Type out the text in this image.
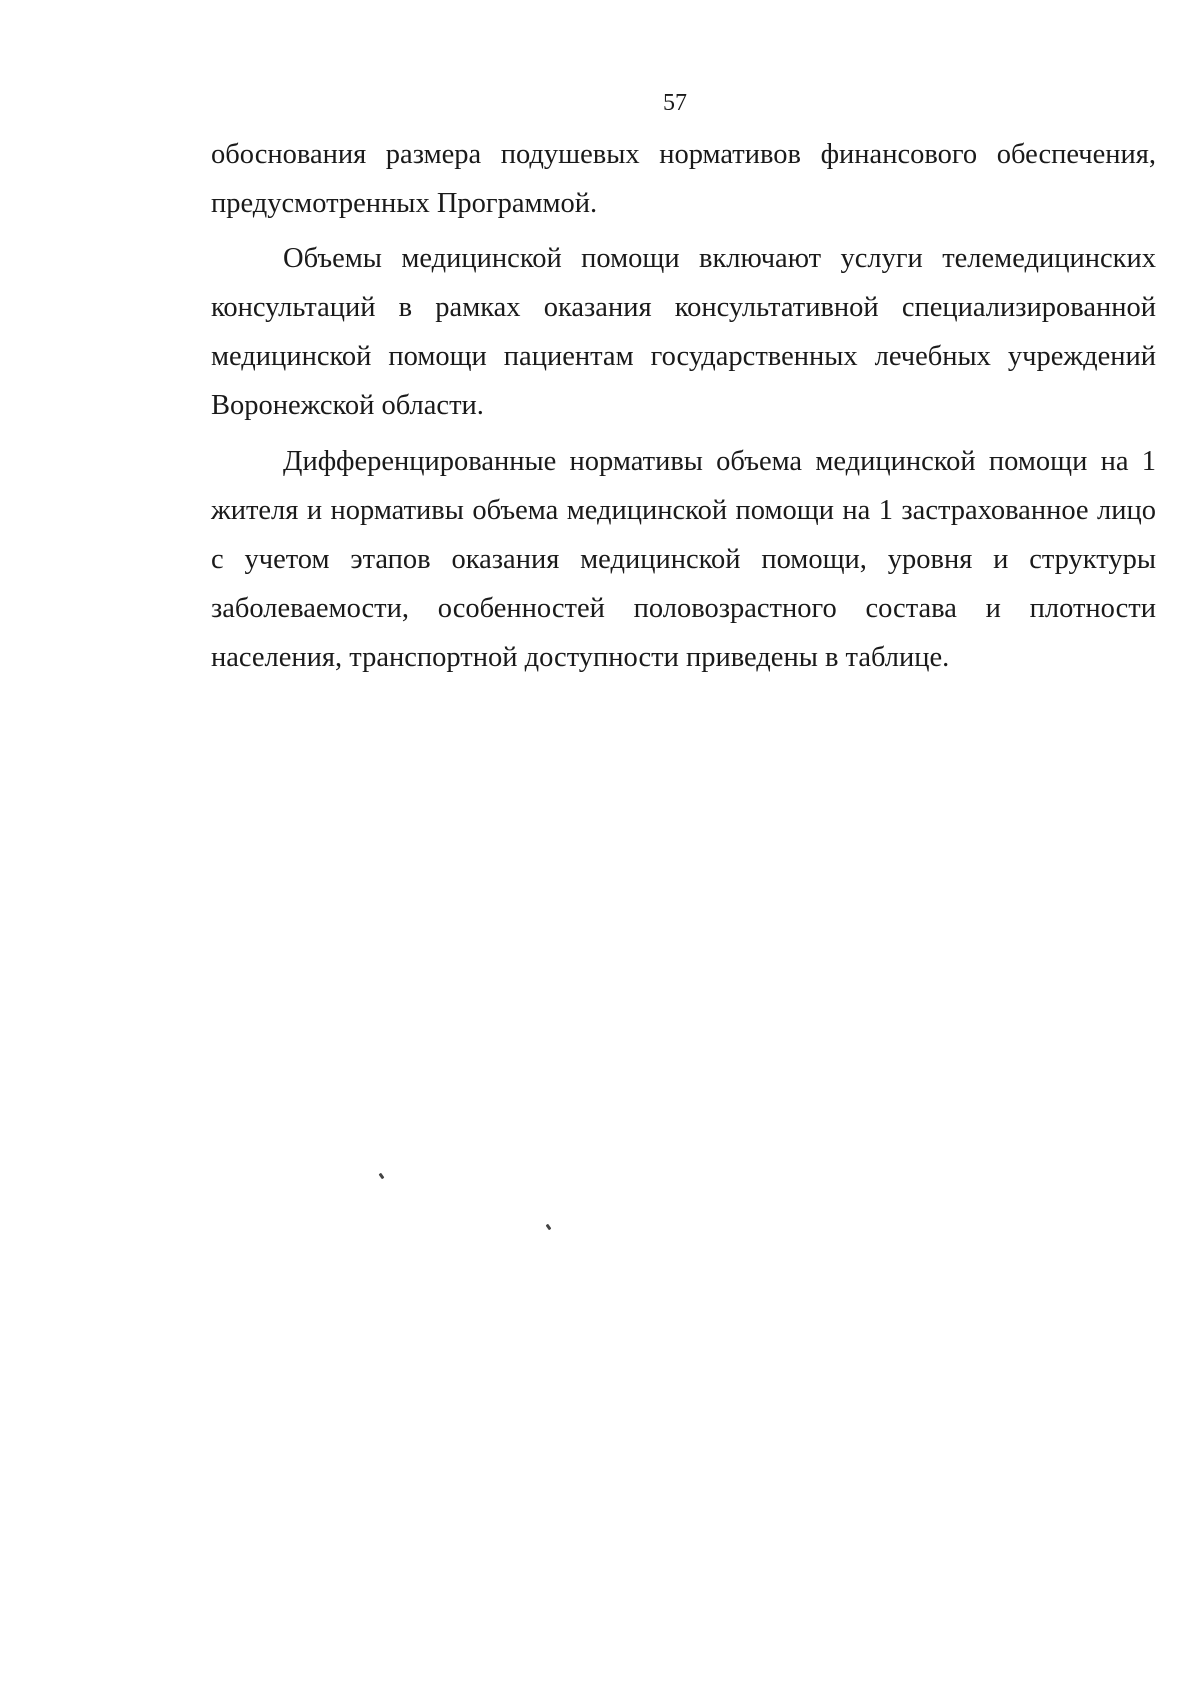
57

обоснования размера подушевых нормативов финансового обеспечения, предусмотренных Программой.

Объемы медицинской помощи включают услуги телемедицинских консультаций в рамках оказания консультативной специализированной медицинской помощи пациентам государственных лечебных учреждений Воронежской области.

Дифференцированные нормативы объема медицинской помощи на 1 жителя и нормативы объема медицинской помощи на 1 застрахованное лицо с учетом этапов оказания медицинской помощи, уровня и структуры заболеваемости, особенностей половозрастного состава и плотности населения, транспортной доступности приведены в таблице.
